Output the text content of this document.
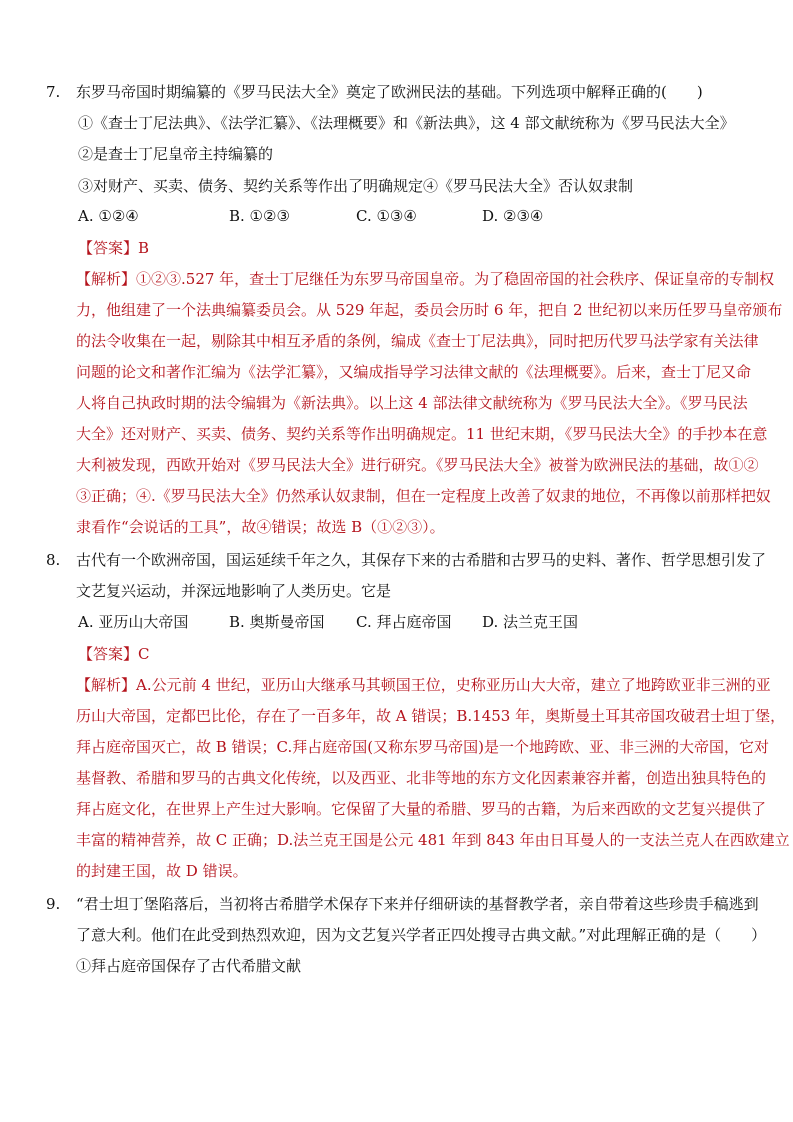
7. 东罗马帝国时期编纂的《罗马民法大全》奠定了欧洲民法的基础。下列选项中解释正确的(　　)
①《查士丁尼法典》、《法学汇纂》、《法理概要》和《新法典》，这 4 部文献统称为《罗马民法大全》
②是查士丁尼皇帝主持编纂的
③对财产、买卖、债务、契约关系等作出了明确规定④《罗马民法大全》否认奴隶制
A. ①②④	B. ①②③	C. ①③④	D. ②③④
【答案】B
【解析】①②③.527 年，查士丁尼继任为东罗马帝国皇帝。为了稳固帝国的社会秩序、保证皇帝的专制权
力，他组建了一个法典编纂委员会。从 529 年起，委员会历时 6 年，把自 2 世纪初以来历任罗马皇帝颁布
的法令收集在一起，剔除其中相互矛盾的条例，编成《查士丁尼法典》，同时把历代罗马法学家有关法律
问题的论文和著作汇编为《法学汇纂》，又编成指导学习法律文献的《法理概要》。后来，查士丁尼又命
人将自己执政时期的法令编辑为《新法典》。以上这 4 部法律文献统称为《罗马民法大全》。《罗马民法
大全》还对财产、买卖、债务、契约关系等作出明确规定。11 世纪末期，《罗马民法大全》的手抄本在意
大利被发现，西欧开始对《罗马民法大全》进行研究。《罗马民法大全》被誉为欧洲民法的基础，故①②
③正确；④.《罗马民法大全》仍然承认奴隶制，但在一定程度上改善了奴隶的地位，不再像以前那样把奴
隶看作“会说话的工具”，故④错误；故选 B（①②③）。
8. 古代有一个欧洲帝国，国运延续千年之久，其保存下来的古希腊和古罗马的史料、著作、哲学思想引发了
文艺复兴运动，并深远地影响了人类历史。它是
A. 亚历山大帝国	B. 奥斯曼帝国 C. 拜占庭帝国 D. 法兰克王国
【答案】C
【解析】A.公元前 4 世纪，亚历山大继承马其顿国王位，史称亚历山大大帝，建立了地跨欧亚非三洲的亚
历山大帝国，定都巴比伦，存在了一百多年，故 A 错误；B.1453 年，奥斯曼土耳其帝国攻破君士坦丁堡，
拜占庭帝国灭亡，故 B 错误；C.拜占庭帝国(又称东罗马帝国)是一个地跨欧、亚、非三洲的大帝国，它对
基督教、希腊和罗马的古典文化传统，以及西亚、北非等地的东方文化因素兼容并蓄，创造出独具特色的
拜占庭文化，在世界上产生过大影响。它保留了大量的希腊、罗马的古籍，为后来西欧的文艺复兴提供了
丰富的精神营养，故 C 正确；D.法兰克王国是公元 481 年到 843 年由日耳曼人的一支法兰克人在西欧建立
的封建王国，故 D 错误。
9. “君士坦丁堡陷落后，当初将古希腊学术保存下来并仔细研读的基督教学者，亲自带着这些珍贵手稿逃到
了意大利。他们在此受到热烈欢迎，因为文艺复兴学者正四处搜寻古典文献。”对此理解正确的是（　　）
①拜占庭帝国保存了古代希腊文献
